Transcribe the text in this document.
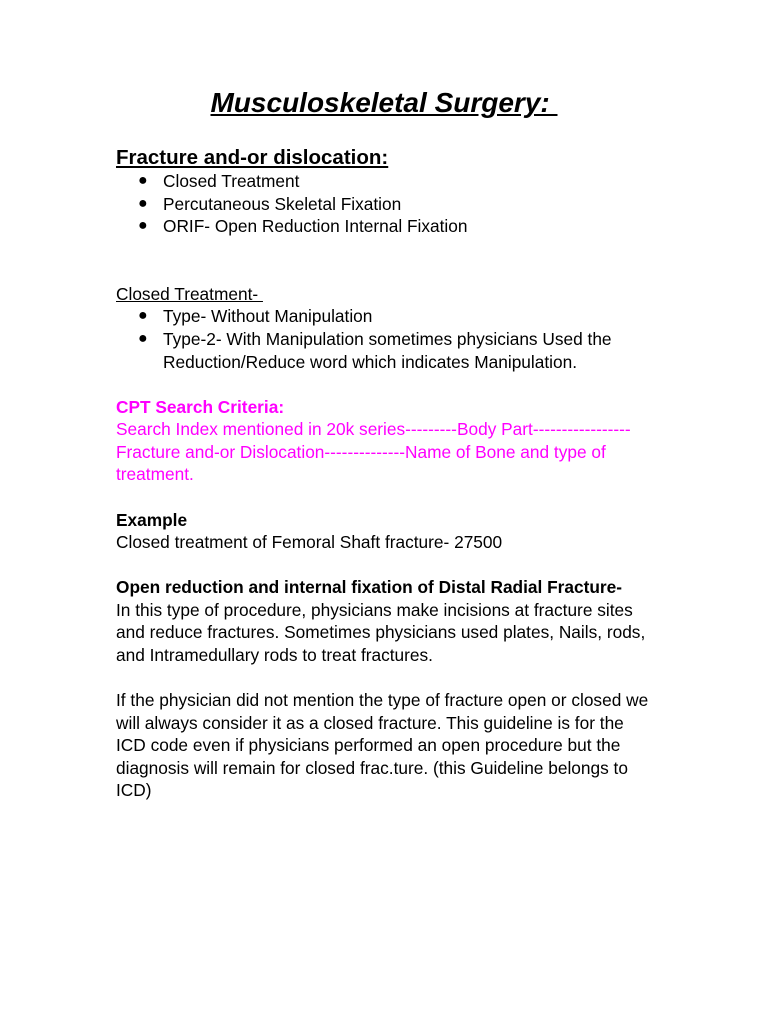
Musculoskeletal Surgery:
Fracture and-or dislocation:
● Closed Treatment
● Percutaneous Skeletal Fixation
● ORIF- Open Reduction Internal Fixation

Closed Treatment-

● Type- Without Manipulation
● Type-2- With Manipulation sometimes physicians Used the Reduction/Reduce word which indicates Manipulation.

CPT Search Criteria:

Search Index mentioned in 20k series---------Body Part-----------------Fracture and-or Dislocation--------------Name of Bone and type of treatment.

Example

Closed treatment of Femoral Shaft fracture- 27500

Open reduction and internal fixation of Distal Radial Fracture-

In this type of procedure, physicians make incisions at fracture sites and reduce fractures. Sometimes physicians used plates, Nails, rods, and Intramedullary rods to treat fractures.

If the physician did not mention the type of fracture open or closed we will always consider it as a closed fracture. This guideline is for the ICD code even if physicians performed an open procedure but the diagnosis will remain for closed frac.ture. (this Guideline belongs to ICD)
